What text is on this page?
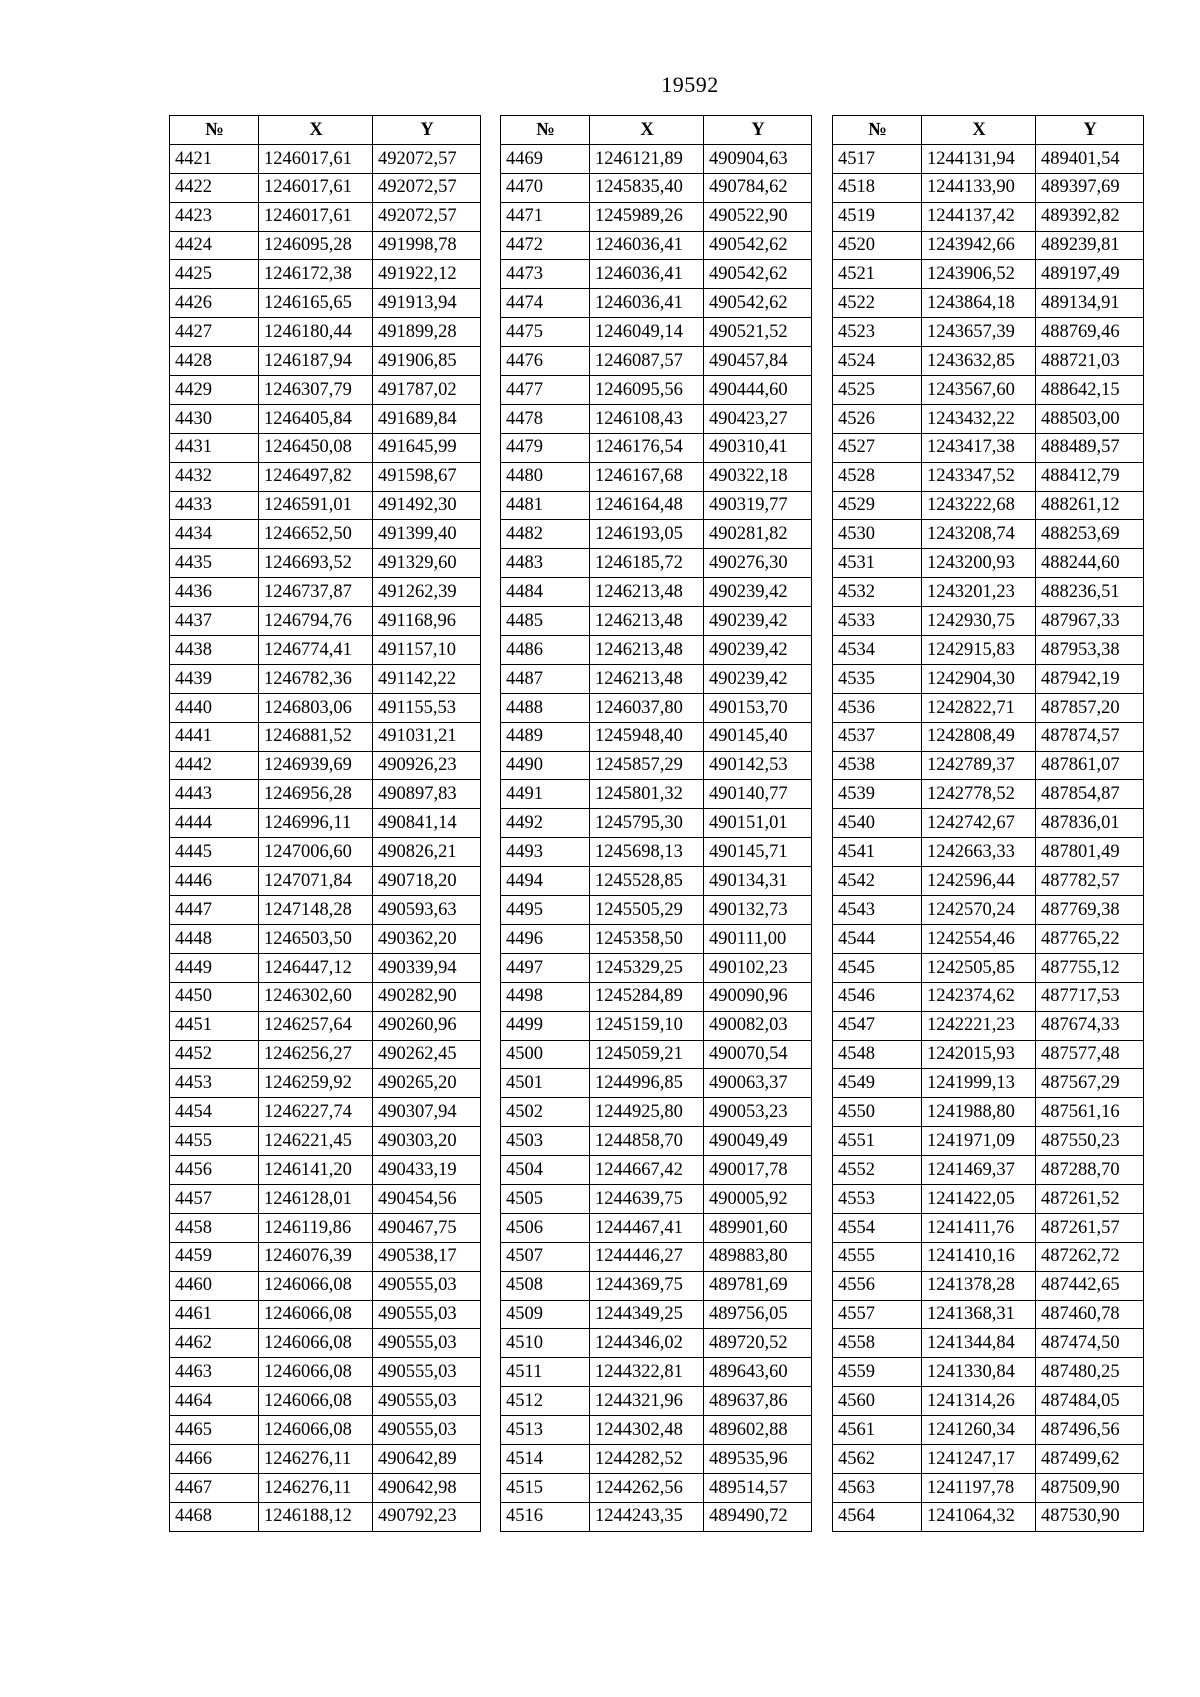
19592
№	X	Y
4421	1246017,61	492072,57
4422	1246017,61	492072,57
4423	1246017,61	492072,57
4424	1246095,28	491998,78
4425	1246172,38	491922,12
4426	1246165,65	491913,94
4427	1246180,44	491899,28
4428	1246187,94	491906,85
4429	1246307,79	491787,02
4430	1246405,84	491689,84
4431	1246450,08	491645,99
4432	1246497,82	491598,67
4433	1246591,01	491492,30
4434	1246652,50	491399,40
4435	1246693,52	491329,60
4436	1246737,87	491262,39
4437	1246794,76	491168,96
4438	1246774,41	491157,10
4439	1246782,36	491142,22
4440	1246803,06	491155,53
4441	1246881,52	491031,21
4442	1246939,69	490926,23
4443	1246956,28	490897,83
4444	1246996,11	490841,14
4445	1247006,60	490826,21
4446	1247071,84	490718,20
4447	1247148,28	490593,63
4448	1246503,50	490362,20
4449	1246447,12	490339,94
4450	1246302,60	490282,90
4451	1246257,64	490260,96
4452	1246256,27	490262,45
4453	1246259,92	490265,20
4454	1246227,74	490307,94
4455	1246221,45	490303,20
4456	1246141,20	490433,19
4457	1246128,01	490454,56
4458	1246119,86	490467,75
4459	1246076,39	490538,17
4460	1246066,08	490555,03
4461	1246066,08	490555,03
4462	1246066,08	490555,03
4463	1246066,08	490555,03
4464	1246066,08	490555,03
4465	1246066,08	490555,03
4466	1246276,11	490642,89
4467	1246276,11	490642,98
4468	1246188,12	490792,23
№	X	Y
4469	1246121,89	490904,63
4470	1245835,40	490784,62
4471	1245989,26	490522,90
4472	1246036,41	490542,62
4473	1246036,41	490542,62
4474	1246036,41	490542,62
4475	1246049,14	490521,52
4476	1246087,57	490457,84
4477	1246095,56	490444,60
4478	1246108,43	490423,27
4479	1246176,54	490310,41
4480	1246167,68	490322,18
4481	1246164,48	490319,77
4482	1246193,05	490281,82
4483	1246185,72	490276,30
4484	1246213,48	490239,42
4485	1246213,48	490239,42
4486	1246213,48	490239,42
4487	1246213,48	490239,42
4488	1246037,80	490153,70
4489	1245948,40	490145,40
4490	1245857,29	490142,53
4491	1245801,32	490140,77
4492	1245795,30	490151,01
4493	1245698,13	490145,71
4494	1245528,85	490134,31
4495	1245505,29	490132,73
4496	1245358,50	490111,00
4497	1245329,25	490102,23
4498	1245284,89	490090,96
4499	1245159,10	490082,03
4500	1245059,21	490070,54
4501	1244996,85	490063,37
4502	1244925,80	490053,23
4503	1244858,70	490049,49
4504	1244667,42	490017,78
4505	1244639,75	490005,92
4506	1244467,41	489901,60
4507	1244446,27	489883,80
4508	1244369,75	489781,69
4509	1244349,25	489756,05
4510	1244346,02	489720,52
4511	1244322,81	489643,60
4512	1244321,96	489637,86
4513	1244302,48	489602,88
4514	1244282,52	489535,96
4515	1244262,56	489514,57
4516	1244243,35	489490,72
№	X	Y
4517	1244131,94	489401,54
4518	1244133,90	489397,69
4519	1244137,42	489392,82
4520	1243942,66	489239,81
4521	1243906,52	489197,49
4522	1243864,18	489134,91
4523	1243657,39	488769,46
4524	1243632,85	488721,03
4525	1243567,60	488642,15
4526	1243432,22	488503,00
4527	1243417,38	488489,57
4528	1243347,52	488412,79
4529	1243222,68	488261,12
4530	1243208,74	488253,69
4531	1243200,93	488244,60
4532	1243201,23	488236,51
4533	1242930,75	487967,33
4534	1242915,83	487953,38
4535	1242904,30	487942,19
4536	1242822,71	487857,20
4537	1242808,49	487874,57
4538	1242789,37	487861,07
4539	1242778,52	487854,87
4540	1242742,67	487836,01
4541	1242663,33	487801,49
4542	1242596,44	487782,57
4543	1242570,24	487769,38
4544	1242554,46	487765,22
4545	1242505,85	487755,12
4546	1242374,62	487717,53
4547	1242221,23	487674,33
4548	1242015,93	487577,48
4549	1241999,13	487567,29
4550	1241988,80	487561,16
4551	1241971,09	487550,23
4552	1241469,37	487288,70
4553	1241422,05	487261,52
4554	1241411,76	487261,57
4555	1241410,16	487262,72
4556	1241378,28	487442,65
4557	1241368,31	487460,78
4558	1241344,84	487474,50
4559	1241330,84	487480,25
4560	1241314,26	487484,05
4561	1241260,34	487496,56
4562	1241247,17	487499,62
4563	1241197,78	487509,90
4564	1241064,32	487530,90
